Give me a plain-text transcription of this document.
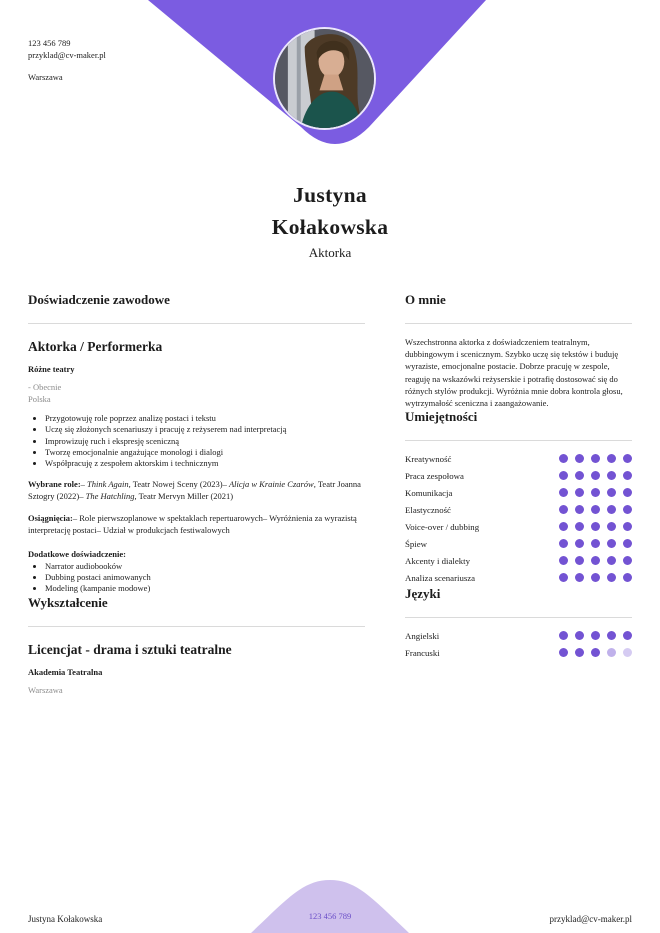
123 456 789
przyklad@cv-maker.pl
Warszawa
Justyna
Kołakowska
Aktorka
Doświadczenie zawodowe
Aktorka / Performerka
Różne teatry
- Obecnie
Polska
• Przygotowuję role poprzez analizę postaci i tekstu
• Uczę się złożonych scenariuszy i pracuję z reżyserem nad interpretacją
• Improwizuję ruch i ekspresję sceniczną
• Tworzę emocjonalnie angażujące monologi i dialogi
• Współpracuję z zespołem aktorskim i technicznym

Wybrane role:– Think Again, Teatr Nowej Sceny (2023)– Alicja w Krainie Czarów, Teatr Joanna Sztogry (2022)– The Hatchling, Teatr Mervyn Miller (2021)

Osiągnięcia:– Role pierwszoplanowe w spektaklach repertuarowych– Wyróżnienia za wyrazistą interpretację postaci– Udział w produkcjach festiwalowych

Dodatkowe doświadczenie:
• Narrator audiobooków
• Dubbing postaci animowanych
• Modeling (kampanie modowe)
Wykształcenie
Licencjat - drama i sztuki teatralne
Akademia Teatralna
Warszawa
O mnie

Wszechstronna aktorka z doświadczeniem teatralnym, dubbingowym i scenicznym. Szybko uczę się tekstów i buduję wyraziste, emocjonalne postacie. Dobrze pracuję w zespole, reaguję na wskazówki reżyserskie i potrafię dostosować się do różnych stylów produkcji. Wyróżnia mnie dobra kontrola głosu, wytrzymałość sceniczna i zaangażowanie.

Umiejętności
Kreatywność
Praca zespołowa
Komunikacja
Elastyczność
Voice-over / dubbing
Śpiew
Akcenty i dialekty
Analiza scenariusza
Języki
Angielski
Francuski
Justyna Kołakowska	123 456 789	przyklad@cv-maker.pl
